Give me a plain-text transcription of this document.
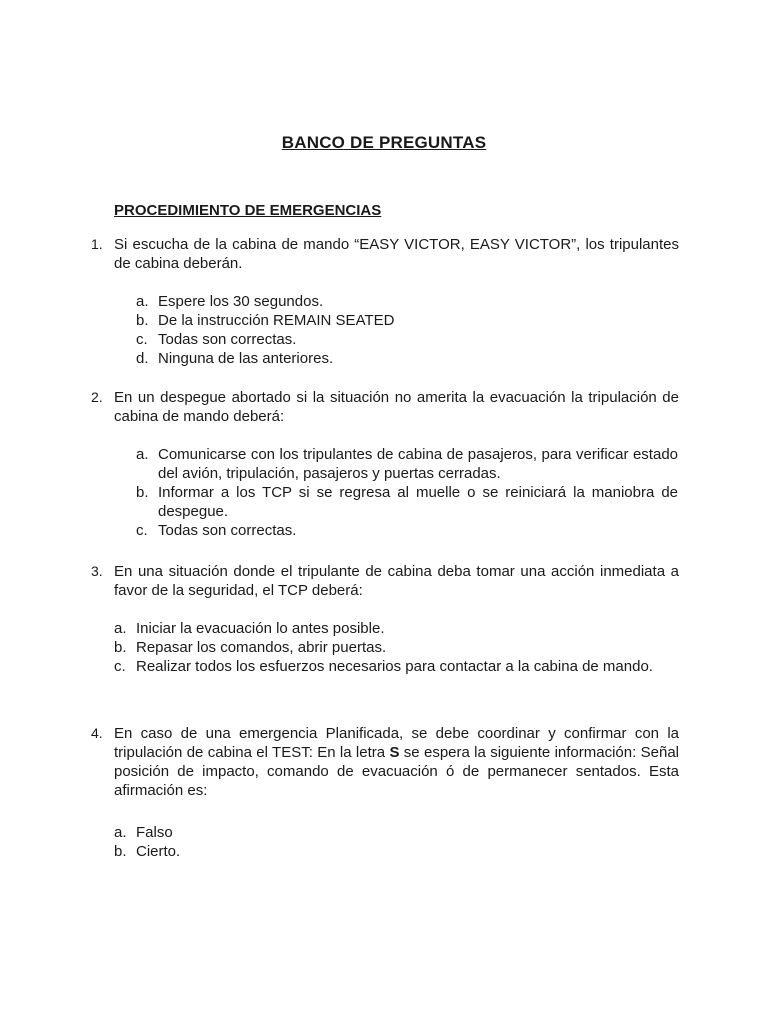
BANCO DE PREGUNTAS
PROCEDIMIENTO DE EMERGENCIAS
1. Si escucha de la cabina de mando “EASY VICTOR, EASY VICTOR”, los tripulantes de cabina deberán.
a. Espere los 30 segundos.
b. De la instrucción REMAIN SEATED
c. Todas son correctas.
d. Ninguna de las anteriores.
2. En un despegue abortado si la situación no amerita la evacuación la tripulación de cabina de mando deberá:
a. Comunicarse con los tripulantes de cabina de pasajeros, para verificar estado del avión, tripulación, pasajeros y puertas cerradas.
b. Informar a los TCP si se regresa al muelle o se reiniciará la maniobra de despegue.
c. Todas son correctas.
3. En una situación donde el tripulante de cabina deba tomar una acción inmediata a favor de la seguridad, el TCP deberá:
a. Iniciar la evacuación lo antes posible.
b. Repasar los comandos, abrir puertas.
c. Realizar todos los esfuerzos necesarios para contactar a la cabina de mando.
4. En caso de una emergencia Planificada, se debe coordinar y confirmar con la tripulación de cabina el TEST: En la letra S se espera la siguiente información: Señal posición de impacto, comando de evacuación ó de permanecer sentados. Esta afirmación es:
a. Falso
b. Cierto.
